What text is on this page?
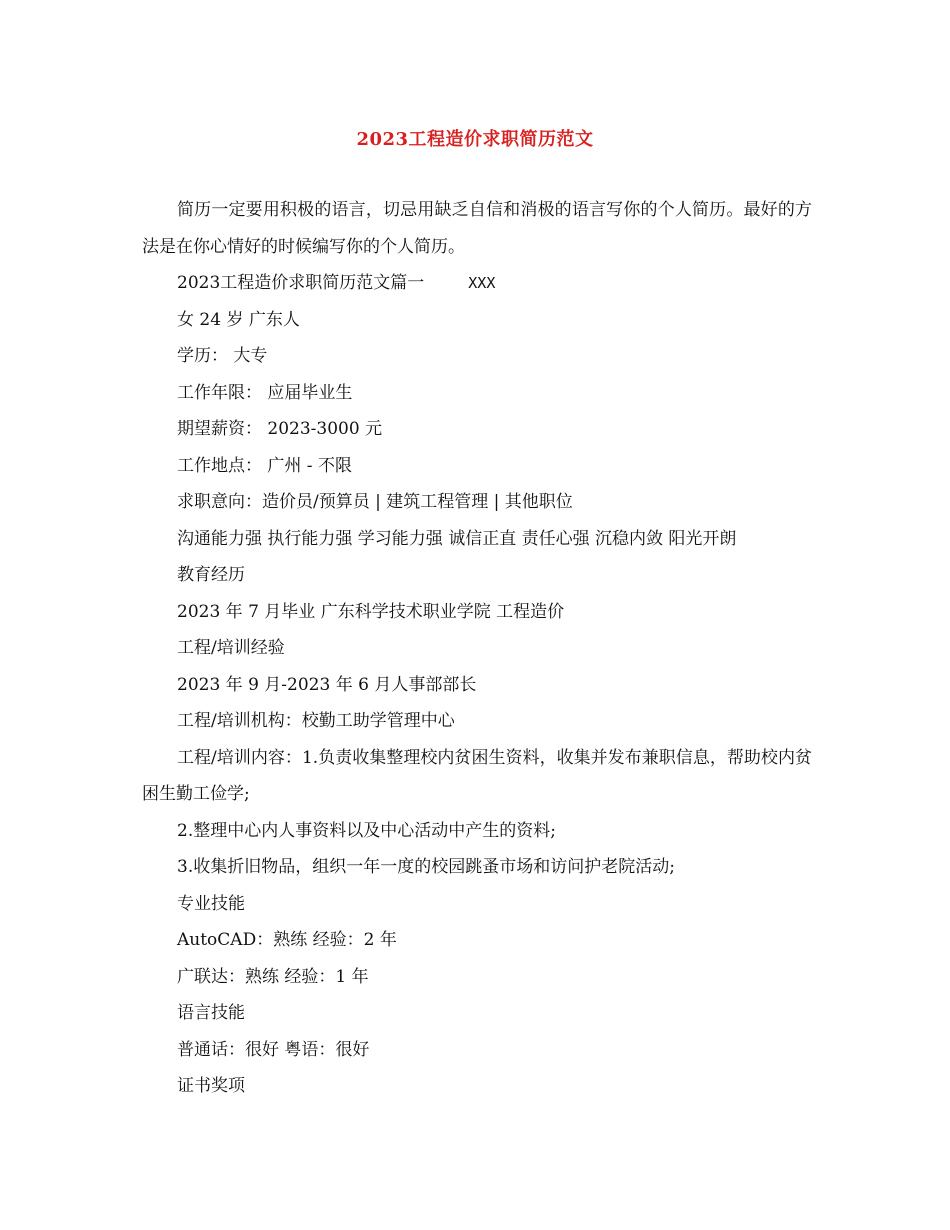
2023工程造价求职简历范文

简历一定要用积极的语言，切忌用缺乏自信和消极的语言写你的个人简历。最好的方法是在你心情好的时候编写你的个人简历。

2023工程造价求职简历范文篇一	XXX

女 24 岁 广东人

学历： 大专

工作年限： 应届毕业生

期望薪资： 2023-3000 元

工作地点： 广州 - 不限

求职意向：造价员/预算员 | 建筑工程管理 | 其他职位

沟通能力强 执行能力强 学习能力强 诚信正直 责任心强 沉稳内敛 阳光开朗

教育经历

2023 年 7 月毕业 广东科学技术职业学院 工程造价

工程/培训经验

2023 年 9 月-2023 年 6 月人事部部长

工程/培训机构：校勤工助学管理中心

工程/培训内容：1.负责收集整理校内贫困生资料，收集并发布兼职信息，帮助校内贫困生勤工俭学;

2.整理中心内人事资料以及中心活动中产生的资料;

3.收集折旧物品，组织一年一度的校园跳蚤市场和访问护老院活动;

专业技能

AutoCAD：熟练 经验：2 年

广联达：熟练 经验：1 年

语言技能

普通话：很好 粤语：很好

证书奖项
